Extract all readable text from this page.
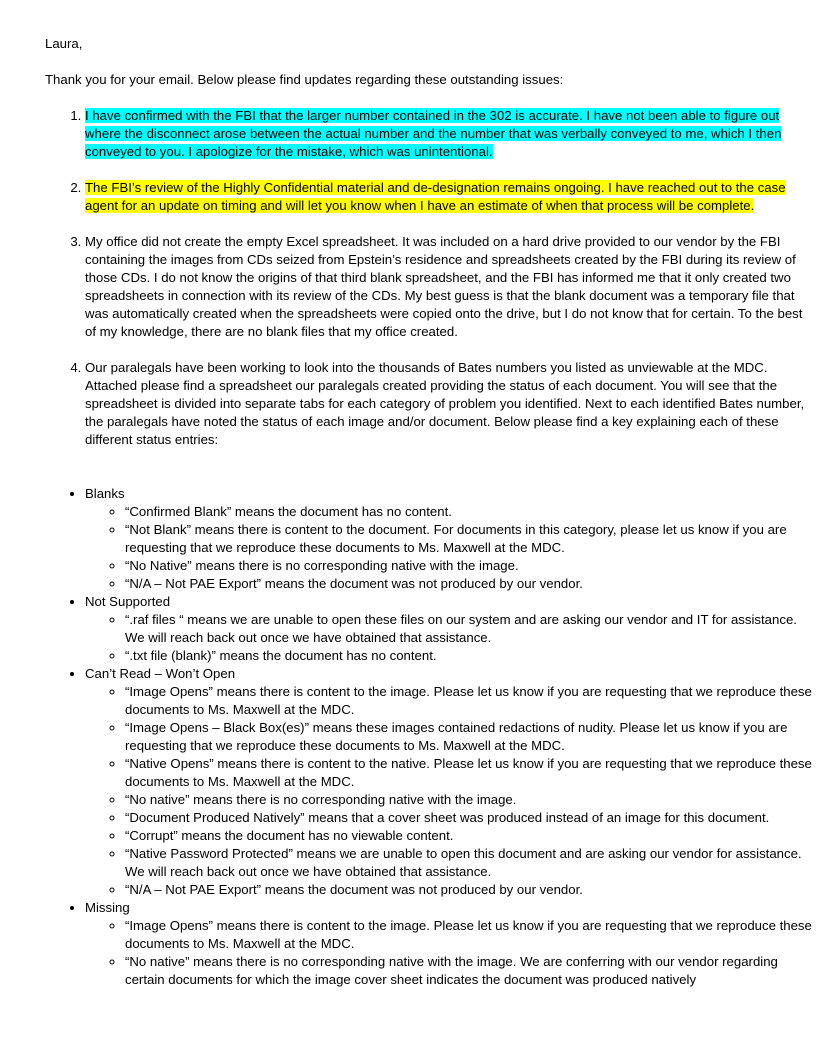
Laura,
Thank you for your email. Below please find updates regarding these outstanding issues:
1. I have confirmed with the FBI that the larger number contained in the 302 is accurate. I have not been able to figure out where the disconnect arose between the actual number and the number that was verbally conveyed to me, which I then conveyed to you. I apologize for the mistake, which was unintentional.
2. The FBI’s review of the Highly Confidential material and de-designation remains ongoing. I have reached out to the case agent for an update on timing and will let you know when I have an estimate of when that process will be complete.
3. My office did not create the empty Excel spreadsheet. It was included on a hard drive provided to our vendor by the FBI containing the images from CDs seized from Epstein’s residence and spreadsheets created by the FBI during its review of those CDs. I do not know the origins of that third blank spreadsheet, and the FBI has informed me that it only created two spreadsheets in connection with its review of the CDs. My best guess is that the blank document was a temporary file that was automatically created when the spreadsheets were copied onto the drive, but I do not know that for certain. To the best of my knowledge, there are no blank files that my office created.
4. Our paralegals have been working to look into the thousands of Bates numbers you listed as unviewable at the MDC. Attached please find a spreadsheet our paralegals created providing the status of each document. You will see that the spreadsheet is divided into separate tabs for each category of problem you identified. Next to each identified Bates number, the paralegals have noted the status of each image and/or document. Below please find a key explaining each of these different status entries:
• Blanks
◦ “Confirmed Blank” means the document has no content.
◦ “Not Blank” means there is content to the document. For documents in this category, please let us know if you are requesting that we reproduce these documents to Ms. Maxwell at the MDC.
◦ “No Native” means there is no corresponding native with the image.
◦ “N/A – Not PAE Export” means the document was not produced by our vendor.
• Not Supported
◦ “.raf files “ means we are unable to open these files on our system and are asking our vendor and IT for assistance. We will reach back out once we have obtained that assistance.
◦ “.txt file (blank)” means the document has no content.
• Can’t Read – Won’t Open
◦ “Image Opens” means there is content to the image. Please let us know if you are requesting that we reproduce these documents to Ms. Maxwell at the MDC.
◦ “Image Opens – Black Box(es)” means these images contained redactions of nudity. Please let us know if you are requesting that we reproduce these documents to Ms. Maxwell at the MDC.
◦ “Native Opens” means there is content to the native. Please let us know if you are requesting that we reproduce these documents to Ms. Maxwell at the MDC.
◦ “No native” means there is no corresponding native with the image.
◦ “Document Produced Natively” means that a cover sheet was produced instead of an image for this document.
◦ “Corrupt” means the document has no viewable content.
◦ “Native Password Protected” means we are unable to open this document and are asking our vendor for assistance. We will reach back out once we have obtained that assistance.
◦ “N/A – Not PAE Export” means the document was not produced by our vendor.
• Missing
◦ “Image Opens” means there is content to the image. Please let us know if you are requesting that we reproduce these documents to Ms. Maxwell at the MDC.
◦ “No native” means there is no corresponding native with the image. We are conferring with our vendor regarding certain documents for which the image cover sheet indicates the document was produced natively
